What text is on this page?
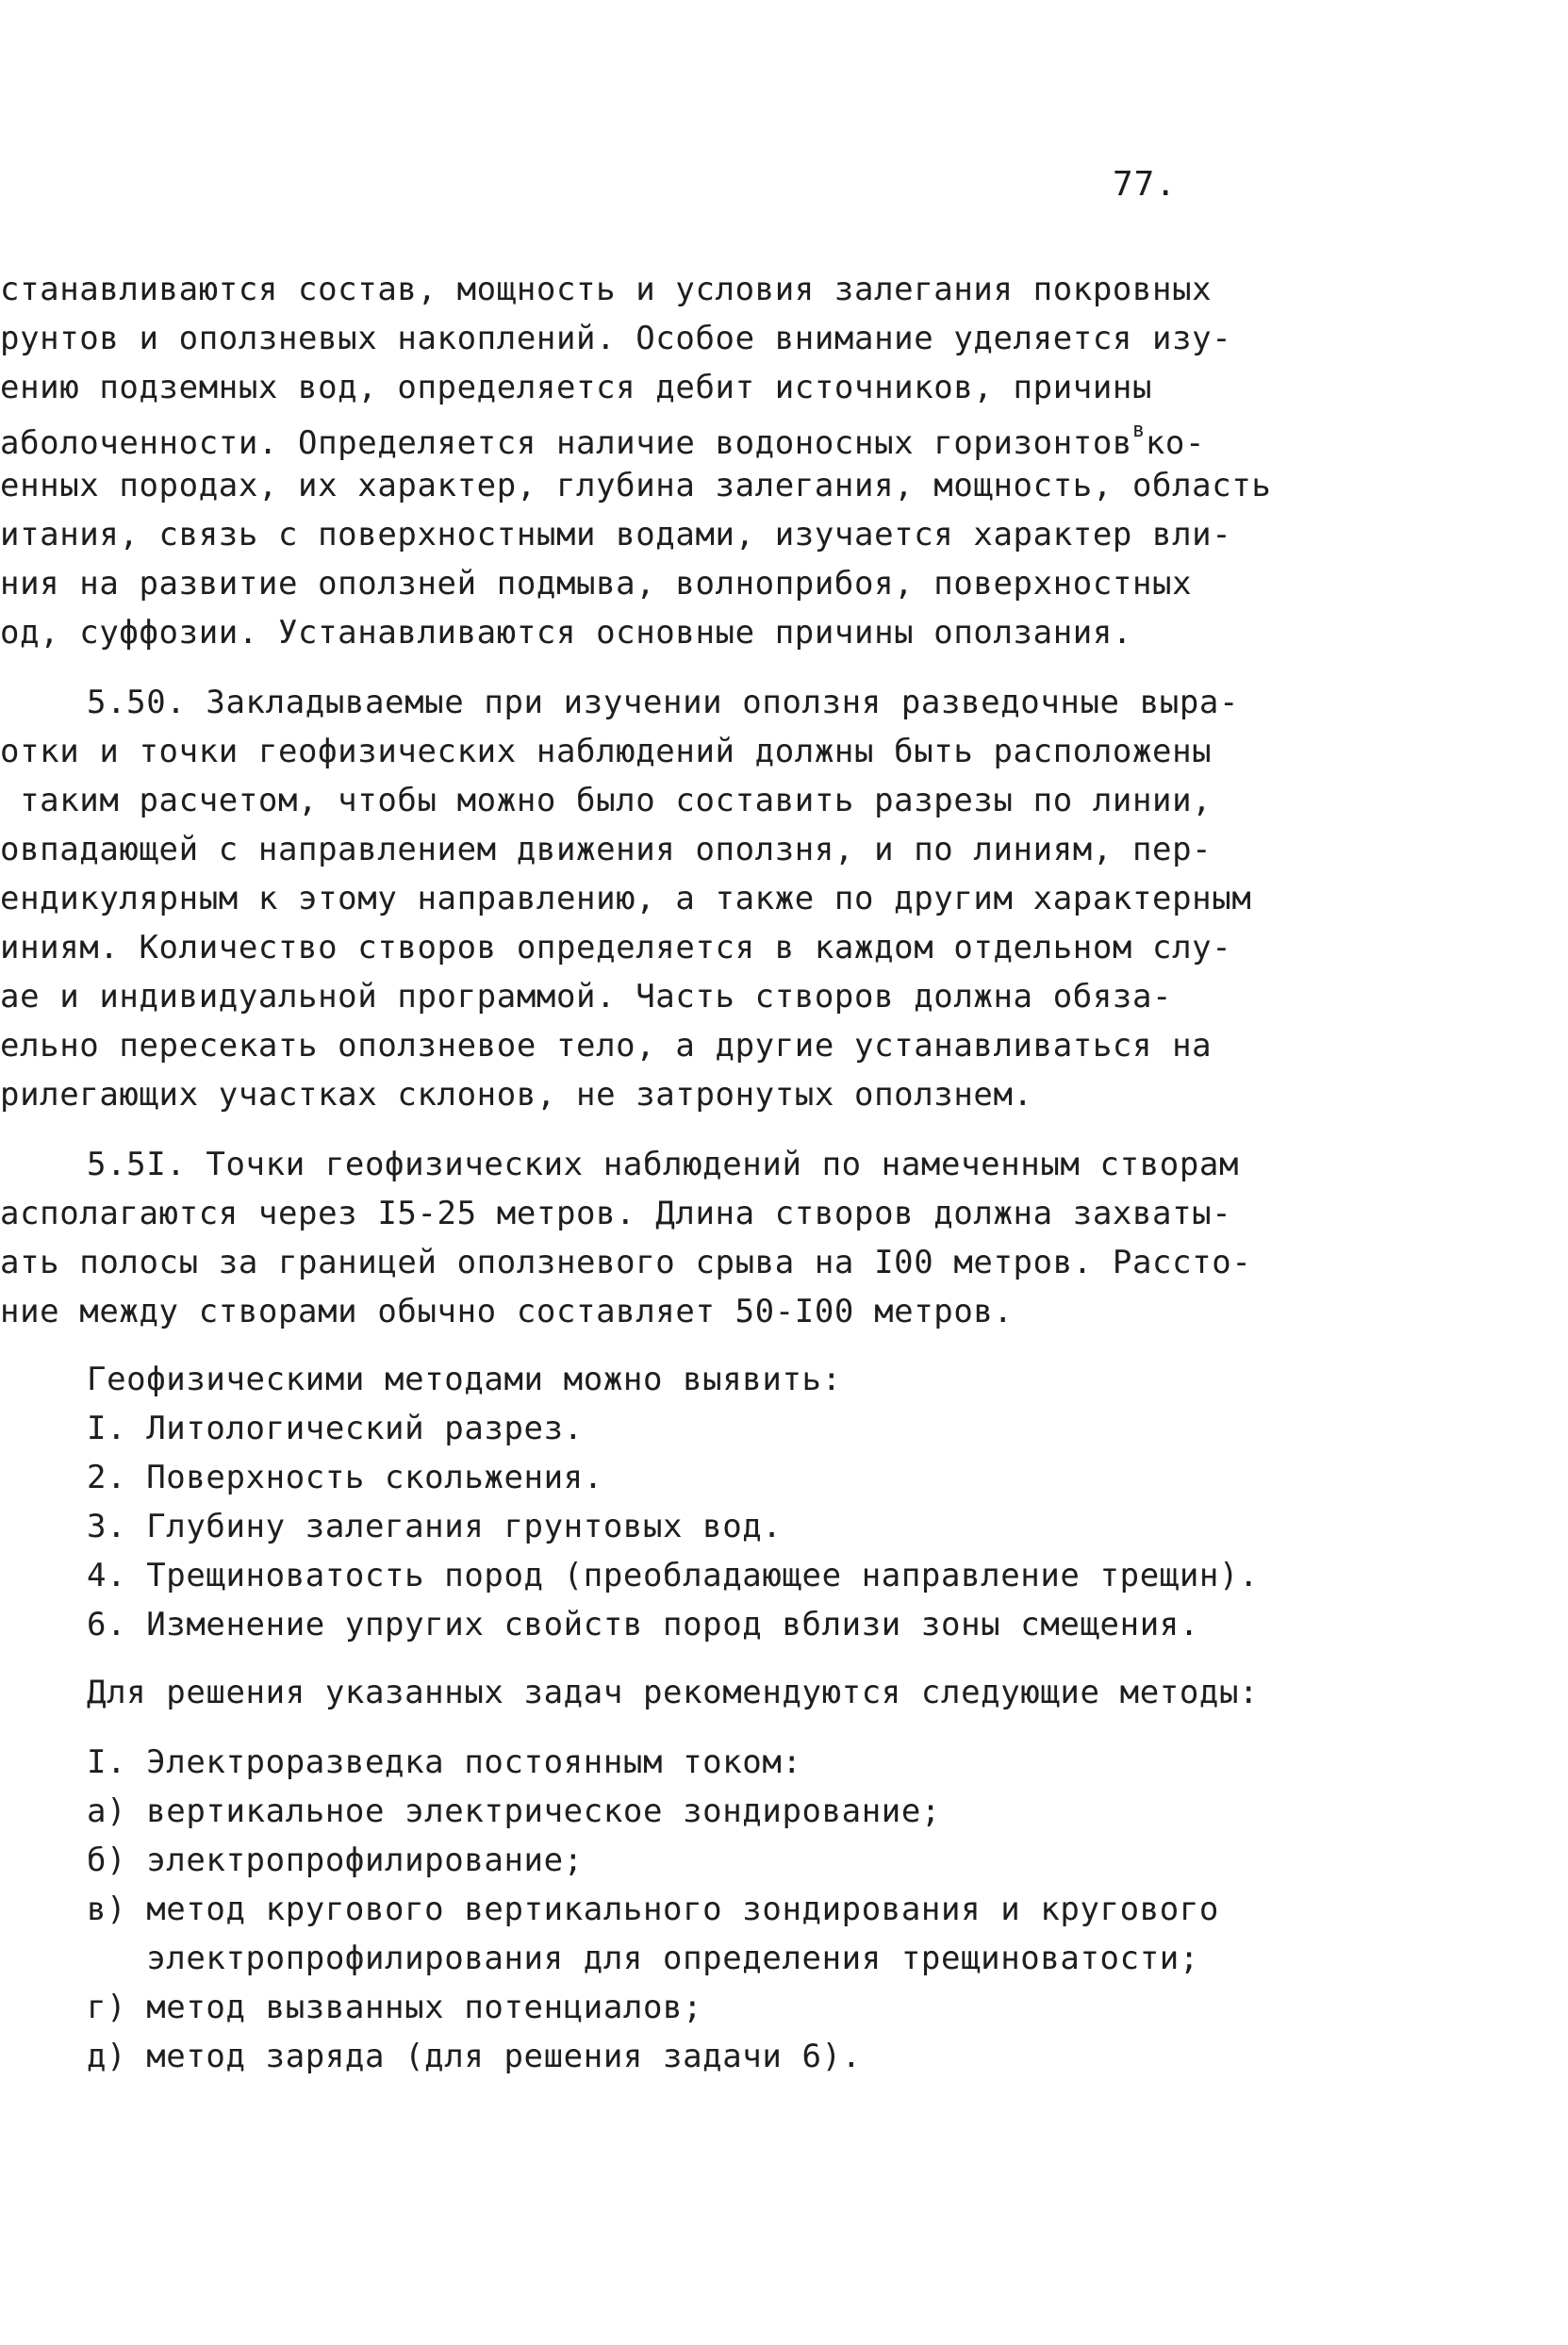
77.
станавливаются состав, мощность и условия залегания покровных
рунтов и оползневых накоплений. Особое внимание уделяется изу-
ению подземных вод, определяется дебит источников, причины
аболоченности. Определяется наличие водоносных горизонтов$^в$ко-
енных породах, их характер, глубина залегания, мощность, область
итания, связь с поверхностными водами, изучается характер вли-
ния на развитие оползней подмыва, волноприбоя, поверхностных
од, суффозии. Устанавливаются основные причины оползания.
5.50. Закладываемые при изучении оползня разведочные выра-
отки и точки геофизических наблюдений должны быть расположены
таким расчетом, чтобы можно было составить разрезы по линии,
овпадающей с направлением движения оползня, и по линиям, пер-
ендикулярным к этому направлению, а также по другим характерным
иниям. Количество створов определяется в каждом отдельном слу-
ае и индивидуальной программой. Часть створов должна обяза-
ельно пересекать оползневое тело, а другие устанавливаться на
рилегающих участках склонов, не затронутых оползнем.
5.5I. Точки геофизических наблюдений по намеченным створам
асполагаются через I5-25 метров. Длина створов должна захваты-
ать полосы за границей оползневого срыва на I00 метров. Рассто-
ние между створами обычно составляет 50-I00 метров.
Геофизическими методами можно выявить:
I. Литологический разрез.
2. Поверхность скольжения.
3. Глубину залегания грунтовых вод.
4. Трещиноватость пород (преобладающее направление трещин).
6. Изменение упругих свойств пород вблизи зоны смещения.
Для решения указанных задач рекомендуются следующие методы:
I. Электроразведка постоянным током:
а) вертикальное электрическое зондирование;
б) электропрофилирование;
в) метод кругового вертикального зондирования и кругового
электропрофилирования для определения трещиноватости;
г) метод вызванных потенциалов;
д) метод заряда (для решения задачи 6).
